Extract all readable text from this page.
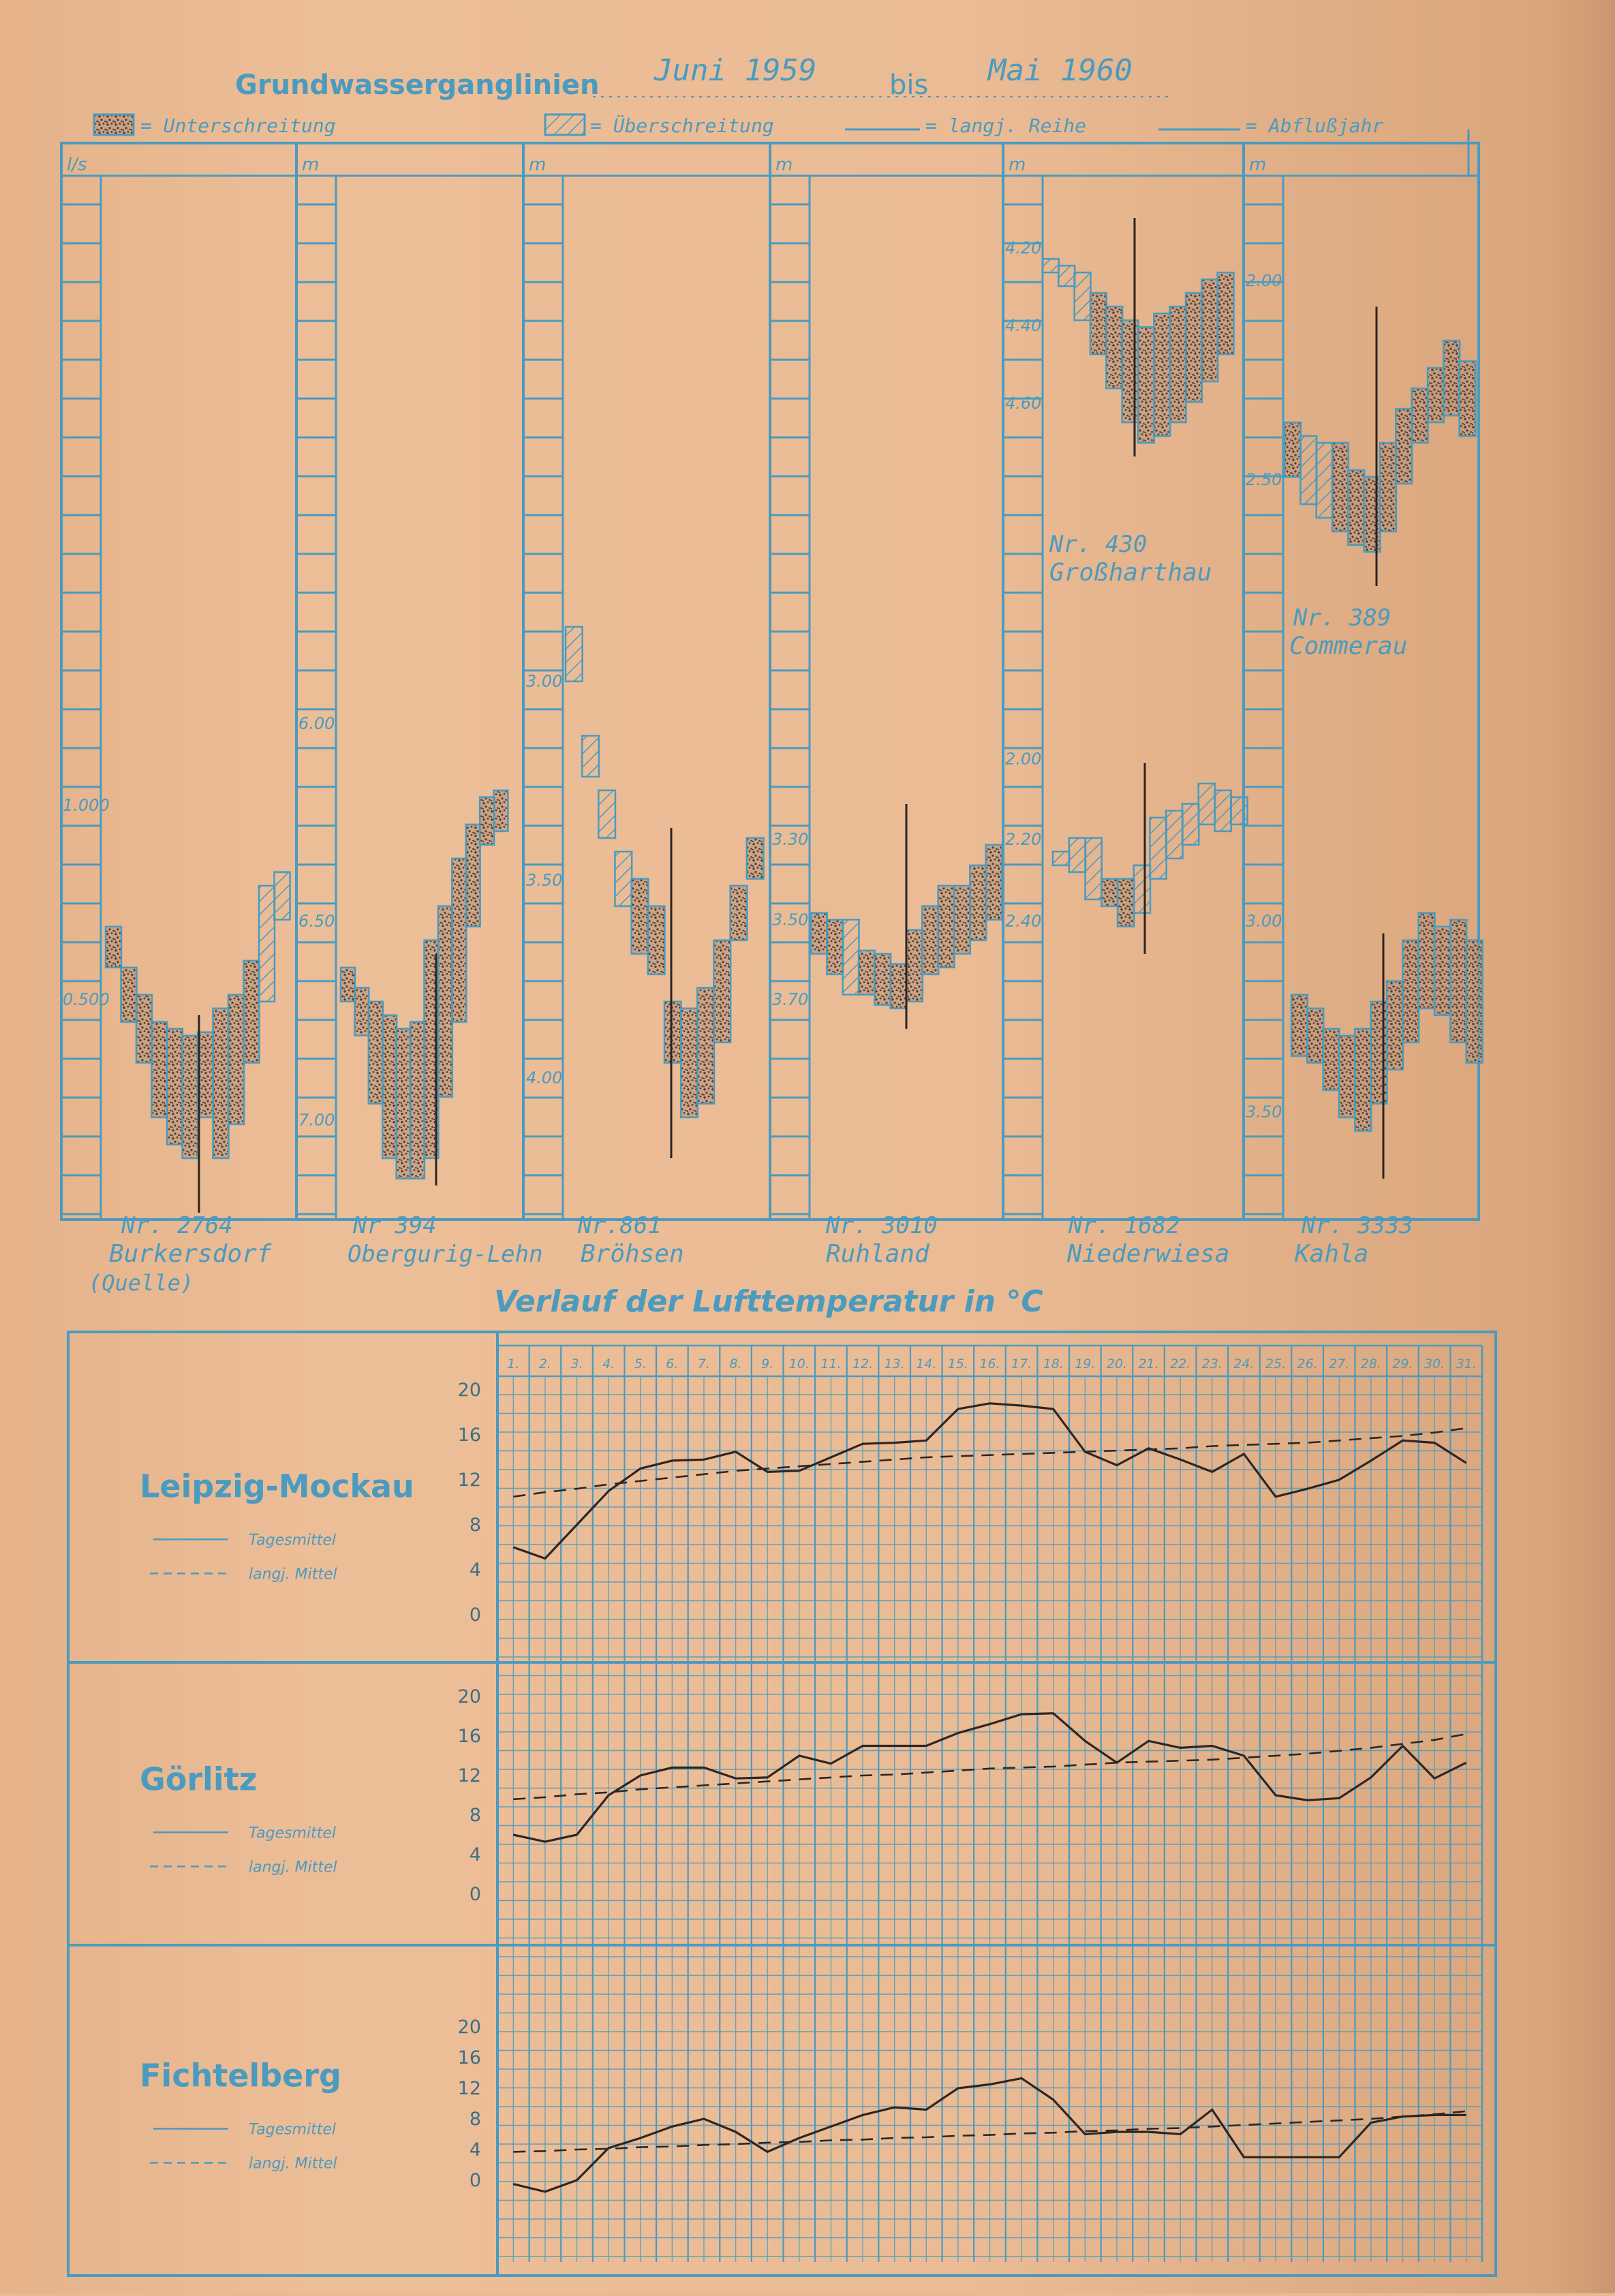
Grundwasserganglinien Juni 1959	bis Mai 1960
= Unterschreitung	= Überschreitung	= langj. Reihe	= Abflußjahr
l/s	m	m	m	m	m
1.000
0.500
6.00
6.50
7.00
3.00
3.50
4.00
3.30
3.50
3.70
4.20
4.40
4.60
2.00
2.20
2.40
2.00
2.50
3.00
3.50
Nr. 2764
Burkersdorf
(Quelle)
Nr 394
Obergurig-Lehn
Nr.861
Bröhsen
Nr. 3010
Ruhland
Nr. 1682
Niederwiesa
Nr. 3333
Kahla
Nr. 430
Großharthau
Nr. 389
Commerau
Verlauf der Lufttemperatur in °C
1. 2. 3. 4. 5. 6. 7. 8. 9. 10. 11. 12. 13. 14. 15. 16. 17. 18. 19. 20. 21. 22. 23. 24. 25. 26. 27. 28. 29. 30. 31.
Leipzig-Mockau
Tagesmittel
langj. Mittel
20
16
12
8
4
0
Görlitz
Tagesmittel
langj. Mittel
20
16
12
8
4
0
Fichtelberg
Tagesmittel
langj. Mittel
20
16
12
8
4
0
